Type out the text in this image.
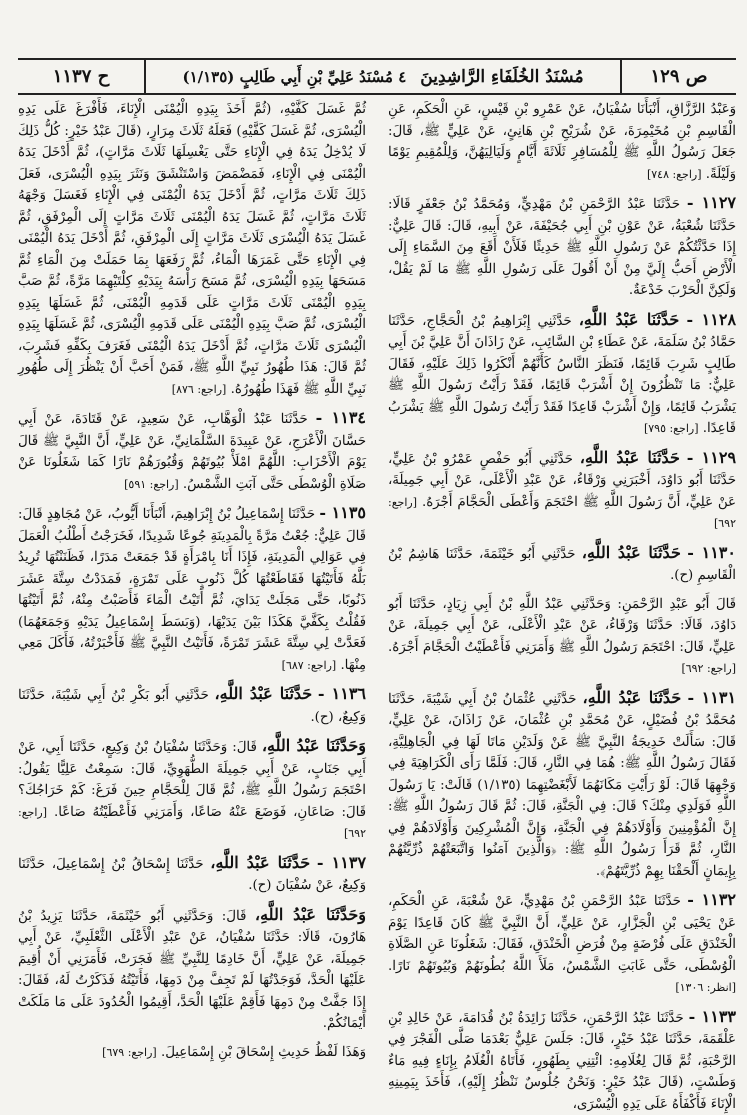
ص ١٢٩
مُسْنَدُ الخُلَفَاءِ الرَّاشِدِينَ
٤ مُسْنَدُ عَلِيِّ بْنِ أَبِي طَالِبٍ (١/١٣٥)
ح ١١٣٧

وَعَبْدُ الرَّزَّاقِ، أَنْبَأَنَا سُفْيَانُ، عَنْ عَمْرِو بْنِ قَيْسٍ، عَنِ الْحَكَمِ، عَنِ الْقَاسِمِ بْنِ مُخَيْمِرَةَ، عَنْ شُرَيْحِ بْنِ هَانِئٍ، عَنْ عَلِيٍّ ﷺ، قَالَ: جَعَلَ رَسُولُ اللَّهِ ﷺ لِلْمُسَافِرِ ثَلَاثَةَ أَيَّامٍ وَلَيَالِيَهُنَّ، وَلِلْمُقِيمِ يَوْمًا وَلَيْلَةً. [راجع: ٧٤٨]

١١٢٧ - حَدَّثَنَا عَبْدُ الرَّحْمَنِ بْنُ مَهْدِيٍّ، وَمُحَمَّدُ بْنُ جَعْفَرٍ قَالَا: حَدَّثَنَا شُعْبَةُ، عَنْ عَوْنِ بْنِ أَبِي جُحَيْفَةَ، عَنْ أَبِيهِ، قَالَ: قَالَ عَلِيٌّ: إِذَا حَدَّثْتُكُمْ عَنْ رَسُولِ اللَّهِ ﷺ حَدِيثًا فَلَأَنْ أَقَعَ مِنَ السَّمَاءِ إِلَى الْأَرْضِ أَحَبُّ إِلَيَّ مِنْ أَنْ أَقُولَ عَلَى رَسُولِ اللَّهِ ﷺ مَا لَمْ يَقُلْ، وَلَكِنَّ الْحَرْبَ خَدْعَةٌ.

١١٢٨ - حَدَّثَنَا عَبْدُ اللَّهِ، حَدَّثَنِي إِبْرَاهِيمُ بْنُ الْحَجَّاجِ، حَدَّثَنَا حَمَّادُ بْنُ سَلَمَةَ، عَنْ عَطَاءِ بْنِ السَّائِبِ، عَنْ زَاذَانَ أَنَّ عَلِيَّ بْنَ أَبِي طَالِبٍ شَرِبَ قَائِمًا، فَنَظَرَ النَّاسُ كَأَنَّهُمْ أَنْكَرُوا ذَلِكَ عَلَيْهِ، فَقَالَ عَلِيٌّ: مَا تَنْظُرُونَ إِنْ أَشْرَبْ قَائِمًا، فَقَدْ رَأَيْتُ رَسُولَ اللَّهِ ﷺ يَشْرَبُ قَائِمًا، وَإِنْ أَشْرَبْ قَاعِدًا فَقَدْ رَأَيْتُ رَسُولَ اللَّهِ ﷺ يَشْرَبُ قَاعِدًا. [راجع: ٧٩٥]

١١٢٩ - حَدَّثَنَا عَبْدُ اللَّهِ، حَدَّثَنِي أَبُو حَفْصٍ عَمْرُو بْنُ عَلِيٍّ، حَدَّثَنَا أَبُو دَاوُدَ، أَخْبَرَنِي وَرْقَاءُ، عَنْ عَبْدِ الْأَعْلَى، عَنْ أَبِي جَمِيلَةَ، عَنْ عَلِيٍّ، أَنَّ رَسُولَ اللَّهِ ﷺ احْتَجَمَ وَأَعْطَى الْحَجَّامَ أَجْرَهُ. [راجع: ٦٩٢]

١١٣٠ - حَدَّثَنَا عَبْدُ اللَّهِ، حَدَّثَنِي أَبُو خَيْثَمَةَ، حَدَّثَنَا هَاشِمُ بْنُ الْقَاسِمِ (ح).

قَالَ أَبُو عَبْدِ الرَّحْمَنِ: وَحَدَّثَنِي عَبْدُ اللَّهِ بْنُ أَبِي زِيَادٍ، حَدَّثَنَا أَبُو دَاوُدَ، قَالَا: حَدَّثَنَا وَرْقَاءُ، عَنْ عَبْدِ الْأَعْلَى، عَنْ أَبِي جَمِيلَةَ، عَنْ عَلِيٍّ، قَالَ: احْتَجَمَ رَسُولُ اللَّهِ ﷺ وَأَمَرَنِي فَأَعْطَيْتُ الْحَجَّامَ أَجْرَهُ. [راجع: ٦٩٢]

١١٣١ - حَدَّثَنَا عَبْدُ اللَّهِ، حَدَّثَنِي عُثْمَانُ بْنُ أَبِي شَيْبَةَ، حَدَّثَنَا مُحَمَّدُ بْنُ فُضَيْلٍ، عَنْ مُحَمَّدِ بْنِ عُثْمَانَ، عَنْ زَاذَانَ، عَنْ عَلِيٍّ، قَالَ: سَأَلَتْ خَدِيجَةُ النَّبِيَّ ﷺ عَنْ وَلَدَيْنِ مَاتَا لَهَا فِي الْجَاهِلِيَّةِ، فَقَالَ رَسُولُ اللَّهِ ﷺ: هُمَا فِي النَّارِ، قَالَ: فَلَمَّا رَأَى الْكَرَاهِيَةَ فِي وَجْهِهَا قَالَ: لَوْ رَأَيْتِ مَكَانَهُمَا لَأَبْغَضْتِهِمَا (١/١٣٥) قَالَتْ: يَا رَسُولَ اللَّهِ فَوَلَدِي مِنْكَ؟ قَالَ: فِي الْجَنَّةِ، قَالَ: ثُمَّ قَالَ رَسُولُ اللَّهِ ﷺ: إِنَّ الْمُؤْمِنِينَ وَأَوْلَادَهُمْ فِي الْجَنَّةِ، وَإِنَّ الْمُشْرِكِينَ وَأَوْلَادَهُمْ فِي النَّارِ، ثُمَّ قَرَأَ رَسُولُ اللَّهِ ﷺ: ﴿وَالَّذِينَ آمَنُوا وَاتَّبَعَتْهُمْ ذُرِّيَّتُهُمْ بِإِيمَانٍ أَلْحَقْنَا بِهِمْ ذُرِّيَّتَهُمْ﴾.

١١٣٢ - حَدَّثَنَا عَبْدُ الرَّحْمَنِ بْنُ مَهْدِيٍّ، عَنْ شُعْبَةَ، عَنِ الْحَكَمِ، عَنْ يَحْيَى بْنِ الْجَزَّارِ، عَنْ عَلِيٍّ، أَنَّ النَّبِيَّ ﷺ كَانَ قَاعِدًا يَوْمَ الْخَنْدَقِ عَلَى فُرْضَةٍ مِنْ فُرَضِ الْخَنْدَقِ، فَقَالَ: شَغَلُونَا عَنِ الصَّلَاةِ الْوُسْطَى، حَتَّى غَابَتِ الشَّمْسُ، مَلَأَ اللَّهُ بُطُونَهُمْ وَبُيُوتَهُمْ نَارًا. [انظر: ١٣٠٦]

١١٣٣ - حَدَّثَنَا عَبْدُ الرَّحْمَنِ، حَدَّثَنَا زَائِدَةُ بْنُ قُدَامَةَ، عَنْ خَالِدِ بْنِ عَلْقَمَةَ، حَدَّثَنَا عَبْدُ خَيْرٍ، قَالَ: جَلَسَ عَلِيٌّ بَعْدَمَا صَلَّى الْفَجْرَ فِي الرَّحْبَةِ، ثُمَّ قَالَ لِغُلَامِهِ: ائْتِنِي بِطَهُورٍ، فَأَتَاهُ الْغُلَامُ بِإِنَاءٍ فِيهِ مَاءٌ وَطَسْتٍ، (قَالَ عَبْدُ خَيْرٍ: وَنَحْنُ جُلُوسٌ نَنْظُرُ إِلَيْهِ)، فَأَخَذَ بِيَمِينِهِ الْإِنَاءَ فَأَكْفَأَهُ عَلَى يَدِهِ الْيُسْرَى،

ثُمَّ غَسَلَ كَفَّيْهِ، (ثُمَّ أَخَذَ بِيَدِهِ الْيُمْنَى الْإِنَاءَ، فَأَفْرَغَ عَلَى يَدِهِ الْيُسْرَى، ثُمَّ غَسَلَ كَفَّيْهِ) فَعَلَهُ ثَلَاثَ مِرَارٍ، (قَالَ عَبْدُ خَيْرٍ: كُلُّ ذَلِكَ لَا يُدْخِلُ يَدَهُ فِي الْإِنَاءِ حَتَّى يَغْسِلَهَا ثَلَاثَ مَرَّاتٍ)، ثُمَّ أَدْخَلَ يَدَهُ الْيُمْنَى فِي الْإِنَاءِ، فَمَضْمَضَ وَاسْتَنْشَقَ وَنَثَرَ بِيَدِهِ الْيُسْرَى، فَعَلَ ذَلِكَ ثَلَاثَ مَرَّاتٍ، ثُمَّ أَدْخَلَ يَدَهُ الْيُمْنَى فِي الْإِنَاءِ فَغَسَلَ وَجْهَهُ ثَلَاثَ مَرَّاتٍ، ثُمَّ غَسَلَ يَدَهُ الْيُمْنَى ثَلَاثَ مَرَّاتٍ إِلَى الْمِرْفَقِ، ثُمَّ غَسَلَ يَدَهُ الْيُسْرَى ثَلَاثَ مَرَّاتٍ إِلَى الْمِرْفَقِ، ثُمَّ أَدْخَلَ يَدَهُ الْيُمْنَى فِي الْإِنَاءِ حَتَّى غَمَرَهَا الْمَاءُ، ثُمَّ رَفَعَهَا بِمَا حَمَلَتْ مِنَ الْمَاءِ ثُمَّ مَسَحَهَا بِيَدِهِ الْيُسْرَى، ثُمَّ مَسَحَ رَأْسَهُ بِيَدَيْهِ كِلْتَيْهِمَا مَرَّةً، ثُمَّ صَبَّ بِيَدِهِ الْيُمْنَى ثَلَاثَ مَرَّاتٍ عَلَى قَدَمِهِ الْيُمْنَى، ثُمَّ غَسَلَهَا بِيَدِهِ الْيُسْرَى، ثُمَّ صَبَّ بِيَدِهِ الْيُمْنَى عَلَى قَدَمِهِ الْيُسْرَى، ثُمَّ غَسَلَهَا بِيَدِهِ الْيُسْرَى ثَلَاثَ مَرَّاتٍ، ثُمَّ أَدْخَلَ يَدَهُ الْيُمْنَى فَغَرَفَ بِكَفِّهِ فَشَرِبَ، ثُمَّ قَالَ: هَذَا طُهُورُ نَبِيِّ اللَّهِ ﷺ، فَمَنْ أَحَبَّ أَنْ يَنْظُرَ إِلَى طُهُورِ نَبِيِّ اللَّهِ ﷺ فَهَذَا طُهُورُهُ. [راجع: ٨٧٦]

١١٣٤ - حَدَّثَنَا عَبْدُ الْوَهَّابِ، عَنْ سَعِيدٍ، عَنْ قَتَادَةَ، عَنْ أَبِي حَسَّانَ الْأَعْرَجِ، عَنْ عَبِيدَةَ السَّلْمَانِيِّ، عَنْ عَلِيٍّ، أَنَّ النَّبِيَّ ﷺ قَالَ يَوْمَ الْأَحْزَابِ: اللَّهُمَّ امْلَأْ بُيُوتَهُمْ وَقُبُورَهُمْ نَارًا كَمَا شَغَلُونَا عَنْ صَلَاةِ الْوُسْطَى حَتَّى آبَتِ الشَّمْسُ. [راجع: ٥٩١]

١١٣٥ - حَدَّثَنَا إِسْمَاعِيلُ بْنُ إِبْرَاهِيمَ، أَنْبَأَنَا أَيُّوبُ، عَنْ مُجَاهِدٍ قَالَ: قَالَ عَلِيٌّ: جُعْتُ مَرَّةً بِالْمَدِينَةِ جُوعًا شَدِيدًا، فَخَرَجْتُ أَطْلُبُ الْعَمَلَ فِي عَوَالِي الْمَدِينَةِ، فَإِذَا أَنَا بِامْرَأَةٍ قَدْ جَمَعَتْ مَدَرًا، فَظَنَنْتُهَا تُرِيدُ بَلَّهُ فَأَتَيْتُهَا فَقَاطَعْتُهَا كُلَّ ذَنُوبٍ عَلَى تَمْرَةٍ، فَمَدَدْتُ سِتَّةَ عَشَرَ ذَنُوبًا، حَتَّى مَجَلَتْ يَدَايَ، ثُمَّ أَتَيْتُ الْمَاءَ فَأَصَبْتُ مِنْهُ، ثُمَّ أَتَيْتُهَا فَقُلْتُ بِكَفَّيَّ هَكَذَا بَيْنَ يَدَيْهَا، (وَبَسَطَ إِسْمَاعِيلُ يَدَيْهِ وَجَمَعَهُمَا) فَعَدَّتْ لِي سِتَّةَ عَشَرَ تَمْرَةً، فَأَتَيْتُ النَّبِيَّ ﷺ فَأَخْبَرْتُهُ، فَأَكَلَ مَعِي مِنْهَا. [راجع: ٦٨٧]

١١٣٦ - حَدَّثَنَا عَبْدُ اللَّهِ، حَدَّثَنِي أَبُو بَكْرِ بْنُ أَبِي شَيْبَةَ، حَدَّثَنَا وَكِيعٌ، (ح).

وَحَدَّثَنَا عَبْدُ اللَّهِ، قَالَ: وَحَدَّثَنَا سُفْيَانُ بْنُ وَكِيعٍ، حَدَّثَنَا أَبِي، عَنْ أَبِي جَنَابٍ، عَنْ أَبِي جَمِيلَةَ الطُّهَوِيِّ، قَالَ: سَمِعْتُ عَلِيًّا يَقُولُ: احْتَجَمَ رَسُولُ اللَّهِ ﷺ، ثُمَّ قَالَ لِلْحَجَّامِ حِينَ فَرَغَ: كَمْ خَرَاجُكَ؟ قَالَ: صَاعَانِ، فَوَضَعَ عَنْهُ صَاعًا، وَأَمَرَنِي فَأَعْطَيْتُهُ صَاعًا. [راجع: ٦٩٢]

١١٣٧ - حَدَّثَنَا عَبْدُ اللَّهِ، حَدَّثَنَا إِسْحَاقُ بْنُ إِسْمَاعِيلَ، حَدَّثَنَا وَكِيعٌ، عَنْ سُفْيَانَ (ح).

وَحَدَّثَنَا عَبْدُ اللَّهِ، قَالَ: وَحَدَّثَنِي أَبُو خَيْثَمَةَ، حَدَّثَنَا يَزِيدُ بْنُ هَارُونَ، قَالَا: حَدَّثَنَا سُفْيَانُ، عَنْ عَبْدِ الْأَعْلَى الثَّعْلَبِيِّ، عَنْ أَبِي جَمِيلَةَ، عَنْ عَلِيٍّ، أَنَّ خَادِمًا لِلنَّبِيِّ ﷺ فَجَرَتْ، فَأَمَرَنِي أَنْ أُقِيمَ عَلَيْهَا الْحَدَّ، فَوَجَدْتُهَا لَمْ تَجِفَّ مِنْ دَمِهَا، فَأَتَيْتُهُ فَذَكَرْتُ لَهُ، فَقَالَ: إِذَا جَفَّتْ مِنْ دَمِهَا فَأَقِمْ عَلَيْهَا الْحَدَّ، أَقِيمُوا الْحُدُودَ عَلَى مَا مَلَكَتْ أَيْمَانُكُمْ.

وَهَذَا لَفْظُ حَدِيثِ إِسْحَاقَ بْنِ إِسْمَاعِيلَ. [راجع: ٦٧٩]
